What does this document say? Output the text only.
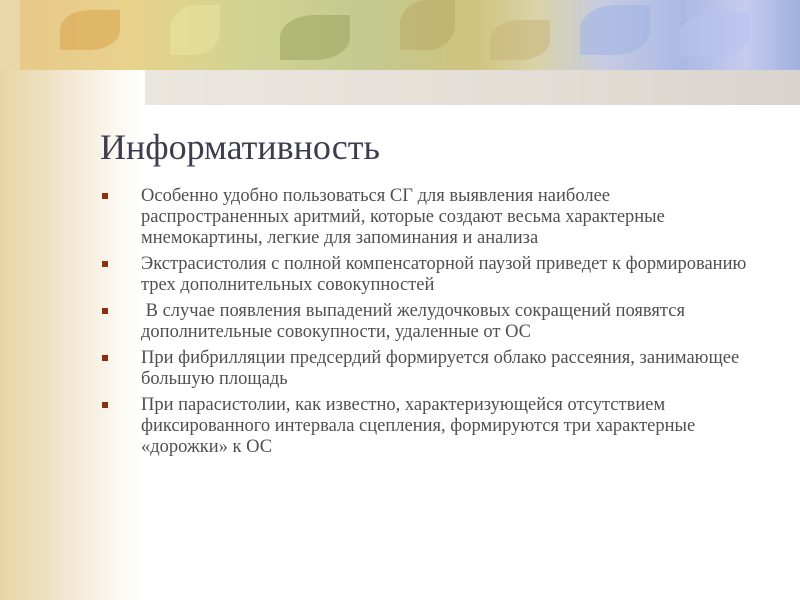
Информативность
Особенно удобно пользоваться СГ для выявления наиболее распространенных аритмий, которые создают весьма характерные мнемокартины, легкие для запоминания и анализа
Экстрасистолия с полной компенсаторной паузой приведет к формированию трех дополнительных совокупностей
В случае появления выпадений желудочковых сокращений появятся дополнительные совокупности, удаленные от ОС
При фибрилляции предсердий формируется облако рассеяния, занимающее большую площадь
При парасистолии, как известно, характеризующейся отсутствием фиксированного интервала сцепления, формируются три характерные «дорожки» к ОС
